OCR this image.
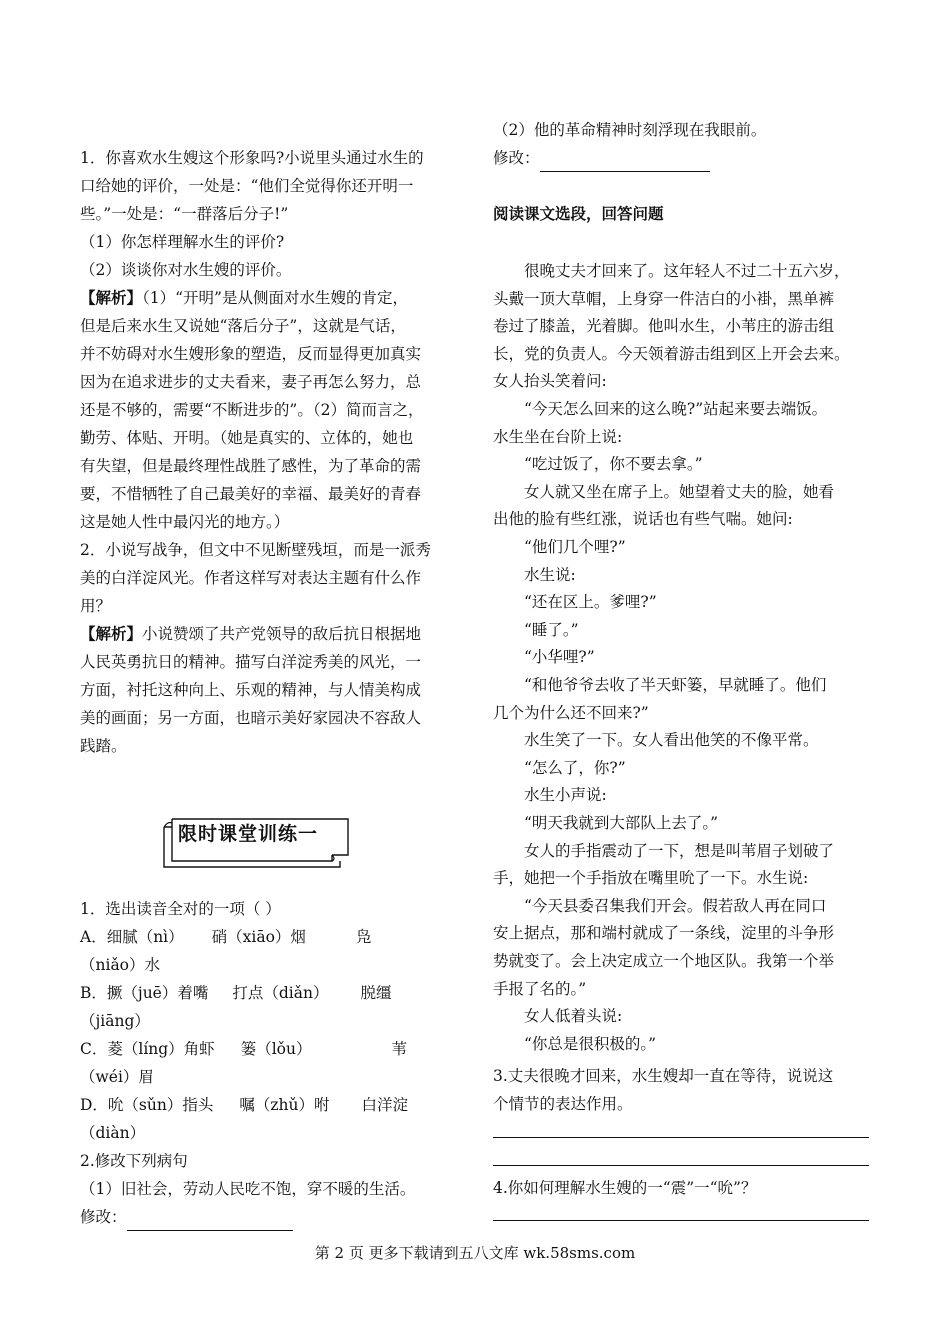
1．你喜欢水生嫂这个形象吗?小说里头通过水生的
口给她的评价，一处是：“他们全觉得你还开明一
些。”一处是：“一群落后分子!”
（1）你怎样理解水生的评价?
（2）谈谈你对水生嫂的评价。
【解析】（1）“开明”是从侧面对水生嫂的肯定，
但是后来水生又说她“落后分子”，这就是气话，
并不妨碍对水生嫂形象的塑造，反而显得更加真实
因为在追求进步的丈夫看来，妻子再怎么努力，总
还是不够的，需要“不断进步的”。（2）简而言之，
勤劳、体贴、开明。（她是真实的、立体的，她也
有失望，但是最终理性战胜了感性，为了革命的需
要，不惜牺牲了自己最美好的幸福、最美好的青春
这是她人性中最闪光的地方。）
2．小说写战争，但文中不见断壁残垣，而是一派秀
美的白洋淀风光。作者这样写对表达主题有什么作
用？
【解析】小说赞颂了共产党领导的敌后抗日根据地
人民英勇抗日的精神。描写白洋淀秀美的风光，一
方面，衬托这种向上、乐观的精神，与人情美构成
美的画面；另一方面，也暗示美好家园决不容敌人
践踏。
限时课堂训练一
1．选出读音全对的一项（ ）
A．细腻（nì） 硝（xiāo）烟	凫
（niǎo）水
B．撅（juē）着嘴 打点（diǎn） 脱缰
（jiāng）
C．菱（líng）角虾 篓（lǒu）	苇
（wéi）眉
D．吮（sǔn）指头 嘱（zhǔ）咐 白洋淀
（diàn）
2.修改下列病句
（1）旧社会，劳动人民吃不饱，穿不暖的生活。
修改：
（2）他的革命精神时刻浮现在我眼前。
修改：
阅读课文选段，回答问题
　　很晚丈夫才回来了。这年轻人不过二十五六岁，
头戴一顶大草帽，上身穿一件洁白的小褂，黑单裤
卷过了膝盖，光着脚。他叫水生，小苇庄的游击组
长，党的负责人。今天领着游击组到区上开会去来。
女人抬头笑着问:
　　“今天怎么回来的这么晚?”站起来要去端饭。
水生坐在台阶上说:
　　“吃过饭了，你不要去拿。”
　　女人就又坐在席子上。她望着丈夫的脸，她看
出他的脸有些红涨，说话也有些气喘。她问:
　　“他们几个哩?”
　　水生说:
　　“还在区上。爹哩?”
　　“睡了。”
　　“小华哩?”
　　“和他爷爷去收了半天虾篓，早就睡了。他们
几个为什么还不回来?”
　　水生笑了一下。女人看出他笑的不像平常。
　　“怎么了，你?”
　　水生小声说:
　　“明天我就到大部队上去了。”
　　女人的手指震动了一下，想是叫苇眉子划破了
手，她把一个手指放在嘴里吮了一下。水生说:
　　“今天县委召集我们开会。假若敌人再在同口
安上据点，那和端村就成了一条线，淀里的斗争形
势就变了。会上决定成立一个地区队。我第一个举
手报了名的。”
　　女人低着头说:
　　“你总是很积极的。”
3.丈夫很晚才回来，水生嫂却一直在等待，说说这
个情节的表达作用。
4.你如何理解水生嫂的一“震”一“吮”？
第 2 页 更多下载请到五八文库 wk.58sms.com
